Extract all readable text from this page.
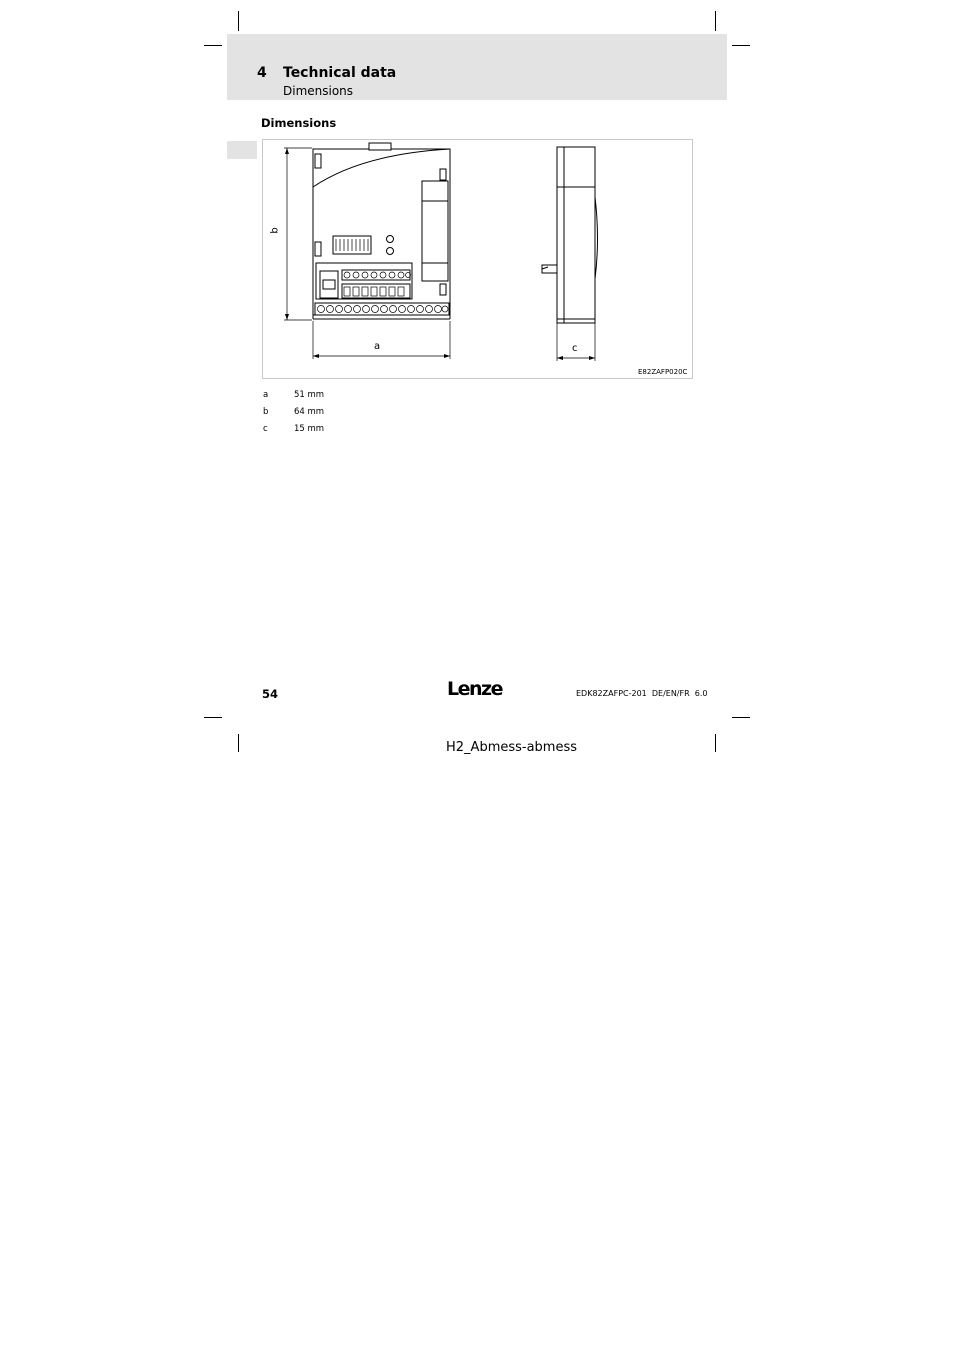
4 Technical data
Dimensions
Dimensions
b
a	c
E82ZAFP020C
a	51 mm
b	64 mm
c	15 mm
54	Lenze	EDK82ZAFPC-201  DE/EN/FR  6.0
H2_Abmess-abmess
